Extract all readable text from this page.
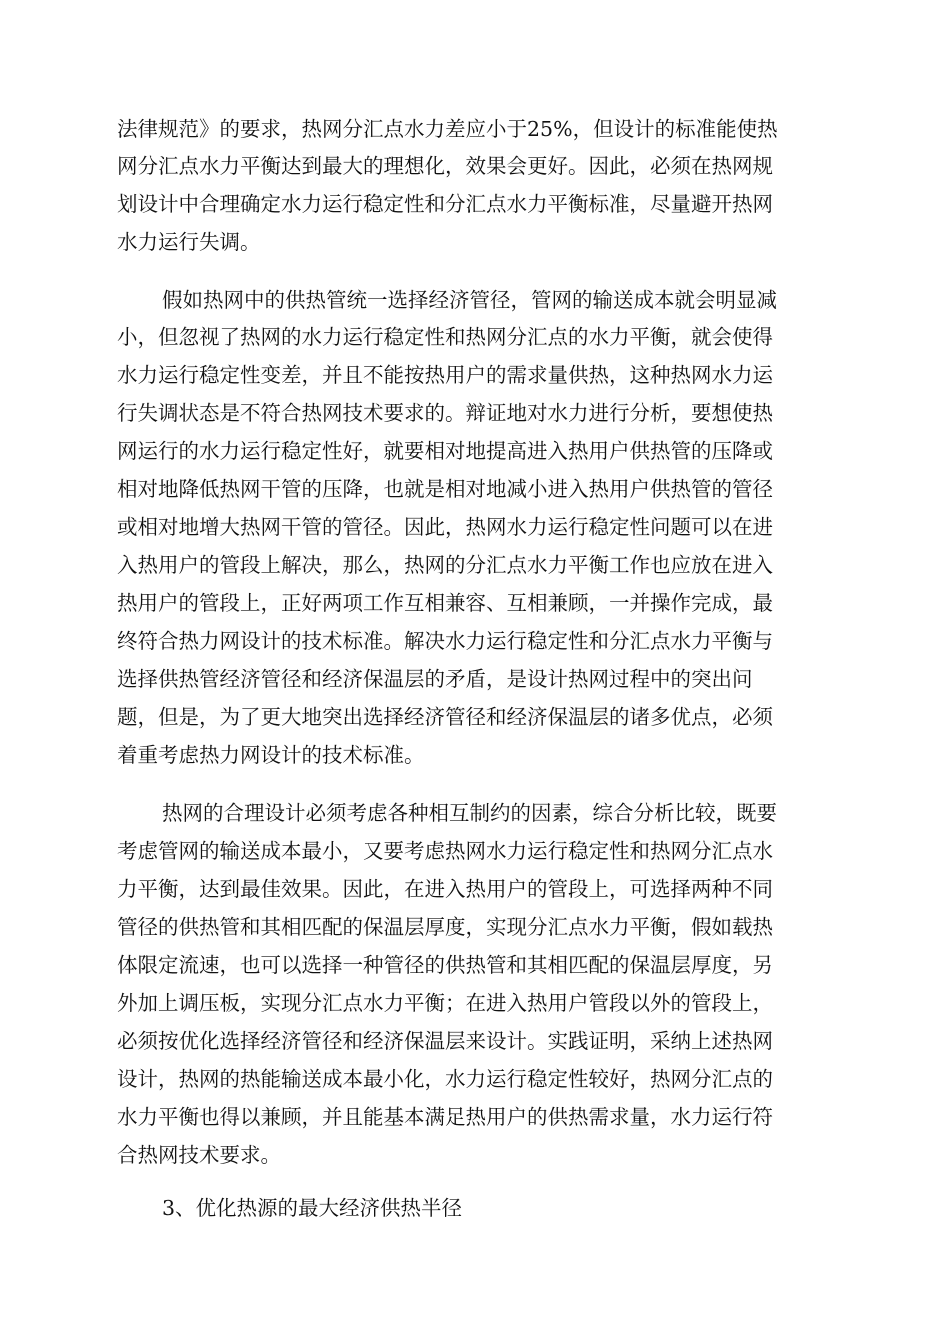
法律规范》的要求，热网分汇点水力差应小于25%，但设计的标准能使热
网分汇点水力平衡达到最大的理想化，效果会更好。因此，必须在热网规
划设计中合理确定水力运行稳定性和分汇点水力平衡标准，尽量避开热网
水力运行失调。
假如热网中的供热管统一选择经济管径，管网的输送成本就会明显减
小，但忽视了热网的水力运行稳定性和热网分汇点的水力平衡，就会使得
水力运行稳定性变差，并且不能按热用户的需求量供热，这种热网水力运
行失调状态是不符合热网技术要求的。辩证地对水力进行分析，要想使热
网运行的水力运行稳定性好，就要相对地提高进入热用户供热管的压降或
相对地降低热网干管的压降，也就是相对地减小进入热用户供热管的管径
或相对地增大热网干管的管径。因此，热网水力运行稳定性问题可以在进
入热用户的管段上解决，那么，热网的分汇点水力平衡工作也应放在进入
热用户的管段上，正好两项工作互相兼容、互相兼顾，一并操作完成，最
终符合热力网设计的技术标准。解决水力运行稳定性和分汇点水力平衡与
选择供热管经济管径和经济保温层的矛盾，是设计热网过程中的突出问
题，但是，为了更大地突出选择经济管径和经济保温层的诸多优点，必须
着重考虑热力网设计的技术标准。
热网的合理设计必须考虑各种相互制约的因素，综合分析比较，既要
考虑管网的输送成本最小，又要考虑热网水力运行稳定性和热网分汇点水
力平衡，达到最佳效果。因此，在进入热用户的管段上，可选择两种不同
管径的供热管和其相匹配的保温层厚度，实现分汇点水力平衡，假如载热
体限定流速，也可以选择一种管径的供热管和其相匹配的保温层厚度，另
外加上调压板，实现分汇点水力平衡；在进入热用户管段以外的管段上，
必须按优化选择经济管径和经济保温层来设计。实践证明，采纳上述热网
设计，热网的热能输送成本最小化，水力运行稳定性较好，热网分汇点的
水力平衡也得以兼顾，并且能基本满足热用户的供热需求量，水力运行符
合热网技术要求。
3、优化热源的最大经济供热半径
